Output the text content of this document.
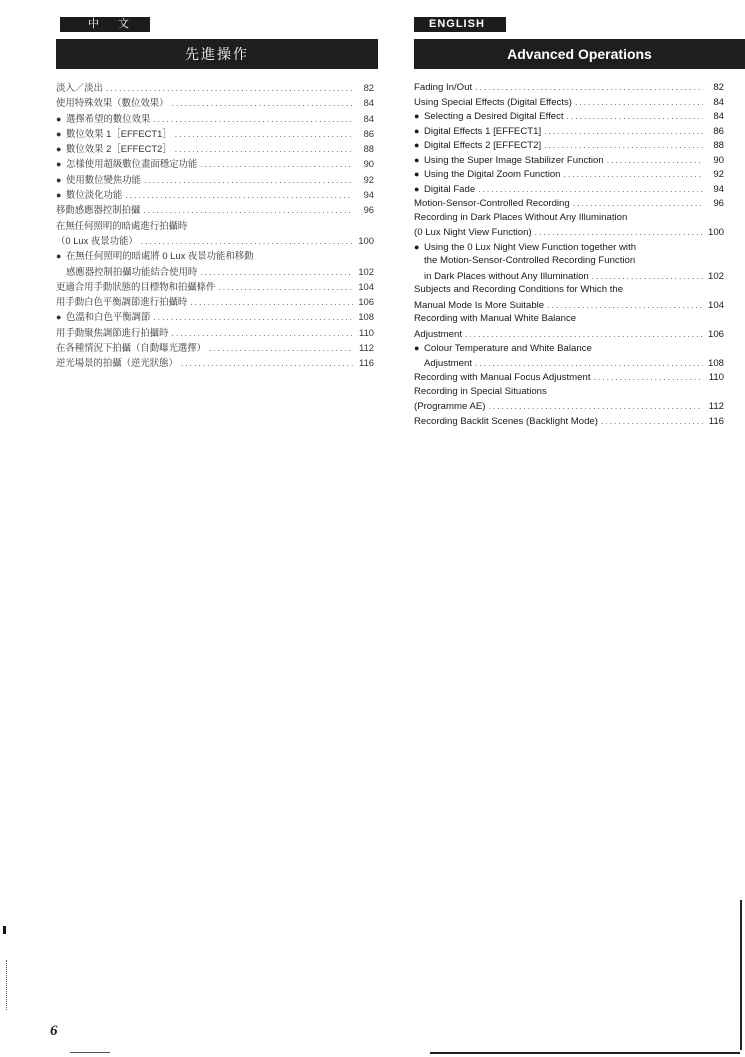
中 文
先進操作
淡入／淡出 .....	82
使用特殊效果（數位效果） .....	84
● 選擇希望的數位效果 .....	84
● 數位效果 1［EFFECT1］ .....	86
● 數位效果 2［EFFECT2］ .....	88
● 怎樣使用超級數位畫面穩定功能 .....	90
● 使用數位變焦功能 .....	92
● 數位淡化功能 .....	94
移動感應器控制拍攝 .....	96
在無任何照明的暗處進行拍攝時
（0 Lux 夜景功能） .....	100
● 在無任何照明的暗處將 0 Lux 夜景功能和移動
感應器控制拍攝功能結合使用時 .....	102
更適合用手動狀態的目標物和拍攝條件 .....	104
用手動白色平衡調節進行拍攝時 .....	106
● 色溫和白色平衡調節 .....	108
用手動聚焦調節進行拍攝時 .....	110
在各種情況下拍攝（自動曝光選擇） .....	112
逆光場景的拍攝（逆光狀態） .....	116
ENGLISH
Advanced Operations
Fading In/Out .....	82
Using Special Effects (Digital Effects) .....	84
● Selecting a Desired Digital Effect .....	84
● Digital Effects 1 [EFFECT1] .....	86
● Digital Effects 2 [EFFECT2] .....	88
● Using the Super Image Stabilizer Function .....	90
● Using the Digital Zoom Function .....	92
● Digital Fade .....	94
Motion-Sensor-Controlled Recording .....	96
Recording in Dark Places Without Any Illumination
(0 Lux Night View Function) .....	100
● Using the 0 Lux Night View Function together with
the Motion-Sensor-Controlled Recording Function
in Dark Places without Any Illumination .....	102
Subjects and Recording Conditions for Which the
Manual Mode Is More Suitable .....	104
Recording with Manual White Balance
Adjustment .....	106
● Colour Temperature and White Balance
Adjustment .....	108
Recording with Manual Focus Adjustment .....	110
Recording in Special Situations
(Programme AE) .....	112
Recording Backlit Scenes (Backlight Mode) .....	116
6
